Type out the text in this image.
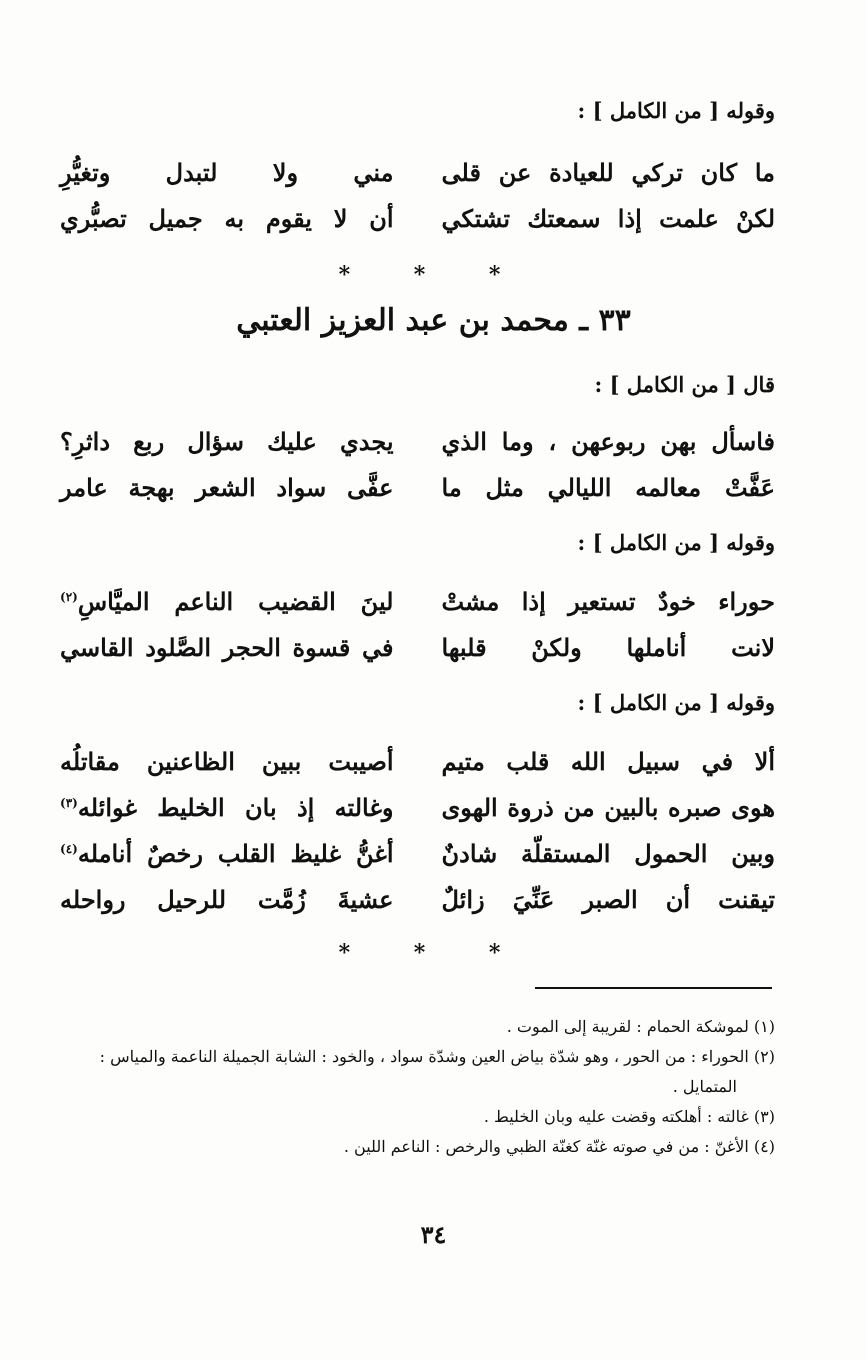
وقوله [ من الكامل ] :
ما كان تركي للعيادة عن قلى
مني ولا لتبدل وتغيُّرِ
لكنْ علمت إذا سمعتك تشتكي
أن لا يقوم به جميل تصبُّري
* * *
٣٣ ـ محمد بن عبد العزيز العتبي
قال [ من الكامل ] :
فاسأل بهن ربوعهن ، وما الذي
يجدي عليك سؤال ربع داثرِ؟
عَفَّتْ معالمه الليالي مثل ما
عفَّى سواد الشعر بهجة عامر
وقوله [ من الكامل ] :
حوراء خودٌ تستعير إذا مشتْ
لينَ القضيب الناعم الميَّاسِ$^{(٢)}$
لانت أناملها ولكنْ قلبها
في قسوة الحجر الصَّلود القاسي
وقوله [ من الكامل ] :
ألا في سبيل الله قلب متيم
أصيبت ببين الظاعنين مقاتلُه
هوى صبره بالبين من ذروة الهوى
وغالته إذ بان الخليط غوائله$^{(٣)}$
وبين الحمول المستقلّة شادنٌ
أغنُّ غليظ القلب رخصٌ أنامله$^{(٤)}$
تيقنت أن الصبر عَنِّيَ زائلٌ
عشيةَ زُمَّت للرحيل رواحله
* * *
(١) لموشكة الحمام : لقريبة إلى الموت .
(٢) الحوراء : من الحور ، وهو شدّة بياض العين وشدّة سواد ، والخود : الشابة الجميلة الناعمة والمياس :
المتمايل .
(٣) غالته : أهلكته وقضت عليه وبان الخليط .
(٤) الأغنّ : من في صوته غنّة كغنّة الظبي والرخص : الناعم اللين .
٣٤
